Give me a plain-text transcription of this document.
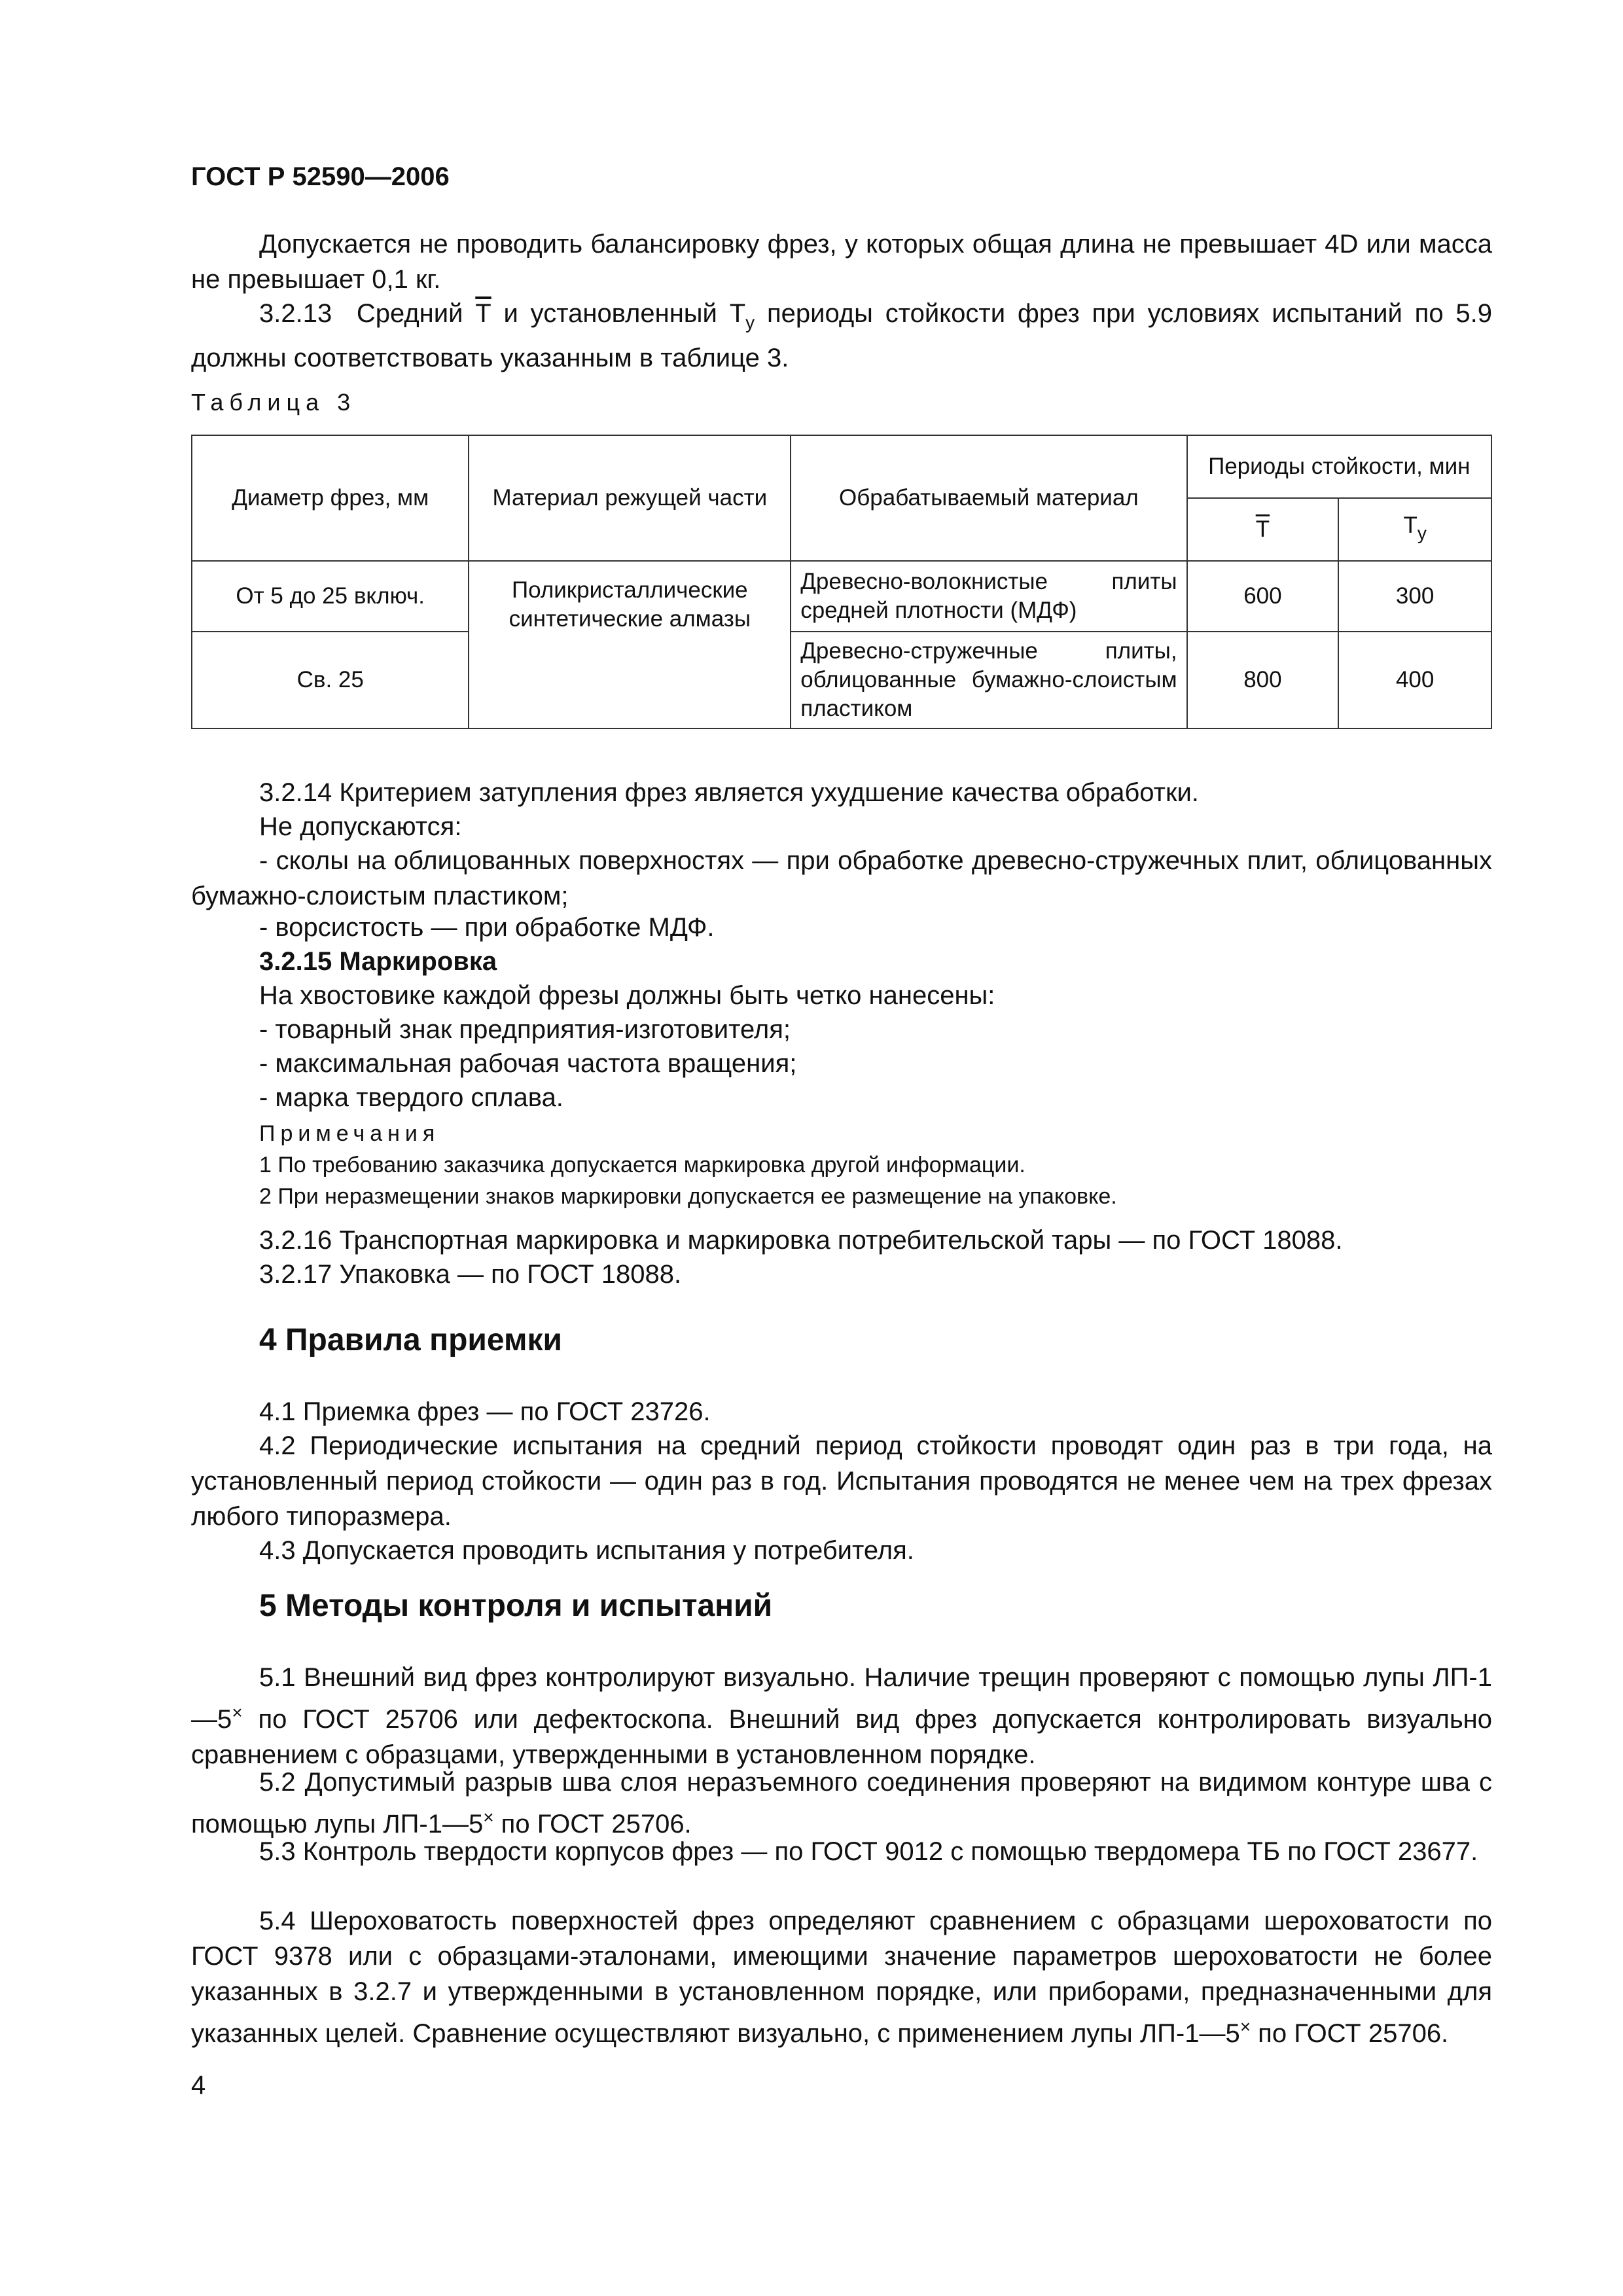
ГОСТ Р 52590—2006
Допускается не проводить балансировку фрез, у которых общая длина не превышает 4D или масса не превышает 0,1 кг.
3.2.13 Средний Т и установленный $Т_у$ периоды стойкости фрез при условиях испытаний по 5.9 должны соответствовать указанным в таблице 3.
Таблица 3
Диаметр фрез, мм	Материал режущей части	Обрабатываемый материал	Периоды стойкости, мин	
			Т	$Т_у$
От 5 до 25 включ.	Поликристаллические синтетические алмазы	Древесно-волокнистые плиты средней плотности (МДФ)	600	300
Св. 25		Древесно-стружечные плиты, облицованные бумажно-слоистым пластиком	800	400
3.2.14 Критерием затупления фрез является ухудшение качества обработки.
Не допускаются:
- сколы на облицованных поверхностях — при обработке древесно-стружечных плит, облицованных бумажно-слоистым пластиком;
- ворсистость — при обработке МДФ.
3.2.15 Маркировка
На хвостовике каждой фрезы должны быть четко нанесены:
- товарный знак предприятия-изготовителя;
- максимальная рабочая частота вращения;
- марка твердого сплава.
Примечания
1 По требованию заказчика допускается маркировка другой информации.
2 При неразмещении знаков маркировки допускается ее размещение на упаковке.
3.2.16 Транспортная маркировка и маркировка потребительской тары — по ГОСТ 18088.
3.2.17 Упаковка — по ГОСТ 18088.
4 Правила приемки
4.1 Приемка фрез — по ГОСТ 23726.
4.2 Периодические испытания на средний период стойкости проводят один раз в три года, на установленный период стойкости — один раз в год. Испытания проводятся не менее чем на трех фрезах любого типоразмера.
4.3 Допускается проводить испытания у потребителя.
5 Методы контроля и испытаний
5.1 Внешний вид фрез контролируют визуально. Наличие трещин проверяют с помощью лупы ЛП-1—5× по ГОСТ 25706 или дефектоскопа. Внешний вид фрез допускается контролировать визуально сравнением с образцами, утвержденными в установленном порядке.
5.2 Допустимый разрыв шва слоя неразъемного соединения проверяют на видимом контуре шва с помощью лупы ЛП-1—5× по ГОСТ 25706.
5.3 Контроль твердости корпусов фрез — по ГОСТ 9012 с помощью твердомера ТБ по ГОСТ 23677.
5.4 Шероховатость поверхностей фрез определяют сравнением с образцами шероховатости по ГОСТ 9378 или с образцами-эталонами, имеющими значение параметров шероховатости не более указанных в 3.2.7 и утвержденными в установленном порядке, или приборами, предназначенными для указанных целей. Сравнение осуществляют визуально, с применением лупы ЛП-1—5× по ГОСТ 25706.
4
